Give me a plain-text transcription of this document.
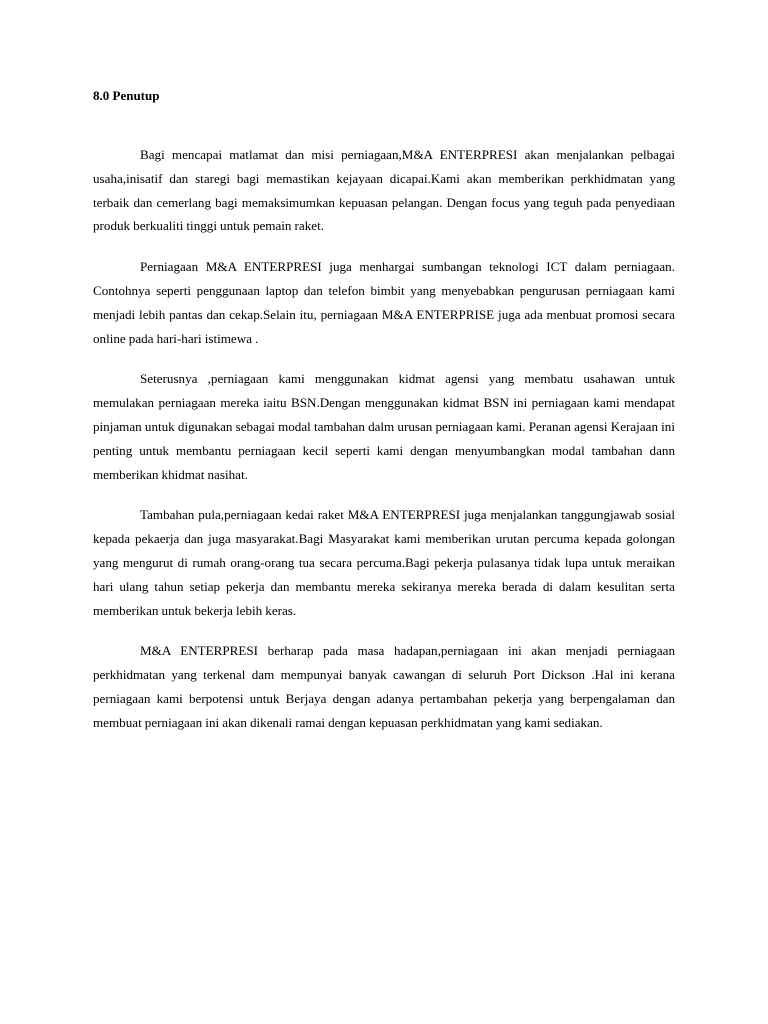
8.0 Penutup

Bagi mencapai matlamat dan misi perniagaan,M&A ENTERPRESI akan menjalankan pelbagai usaha,inisatif dan staregi bagi memastikan kejayaan dicapai.Kami akan memberikan perkhidmatan yang terbaik dan cemerlang bagi memaksimumkan kepuasan pelangan. Dengan focus yang teguh pada penyediaan produk berkualiti tinggi untuk pemain raket.

Perniagaan M&A ENTERPRESI juga menhargai sumbangan teknologi ICT dalam perniagaan. Contohnya seperti penggunaan laptop dan telefon bimbit yang menyebabkan pengurusan perniagaan kami menjadi lebih pantas dan cekap.Selain itu, perniagaan M&A ENTERPRISE juga ada menbuat promosi secara online pada hari-hari istimewa .

Seterusnya ,perniagaan kami menggunakan kidmat agensi yang membatu usahawan untuk memulakan perniagaan mereka iaitu BSN.Dengan menggunakan kidmat BSN ini perniagaan kami mendapat pinjaman untuk digunakan sebagai modal tambahan dalm urusan perniagaan kami. Peranan agensi Kerajaan ini penting untuk membantu perniagaan kecil seperti kami dengan menyumbangkan modal tambahan dann memberikan khidmat nasihat.

Tambahan pula,perniagaan kedai raket M&A ENTERPRESI juga menjalankan tanggungjawab sosial kepada pekaerja dan juga masyarakat.Bagi Masyarakat kami memberikan urutan percuma kepada golongan yang mengurut di rumah orang-orang tua secara percuma.Bagi pekerja pulasanya tidak lupa untuk meraikan hari ulang tahun setiap pekerja dan membantu mereka sekiranya mereka berada di dalam kesulitan serta memberikan untuk bekerja lebih keras.

M&A ENTERPRESI berharap pada masa hadapan,perniagaan ini akan menjadi perniagaan perkhidmatan yang terkenal dam mempunyai banyak cawangan di seluruh Port Dickson .Hal ini kerana perniagaan kami berpotensi untuk Berjaya dengan adanya pertambahan pekerja yang berpengalaman dan membuat perniagaan ini akan dikenali ramai dengan kepuasan perkhidmatan yang kami sediakan.
